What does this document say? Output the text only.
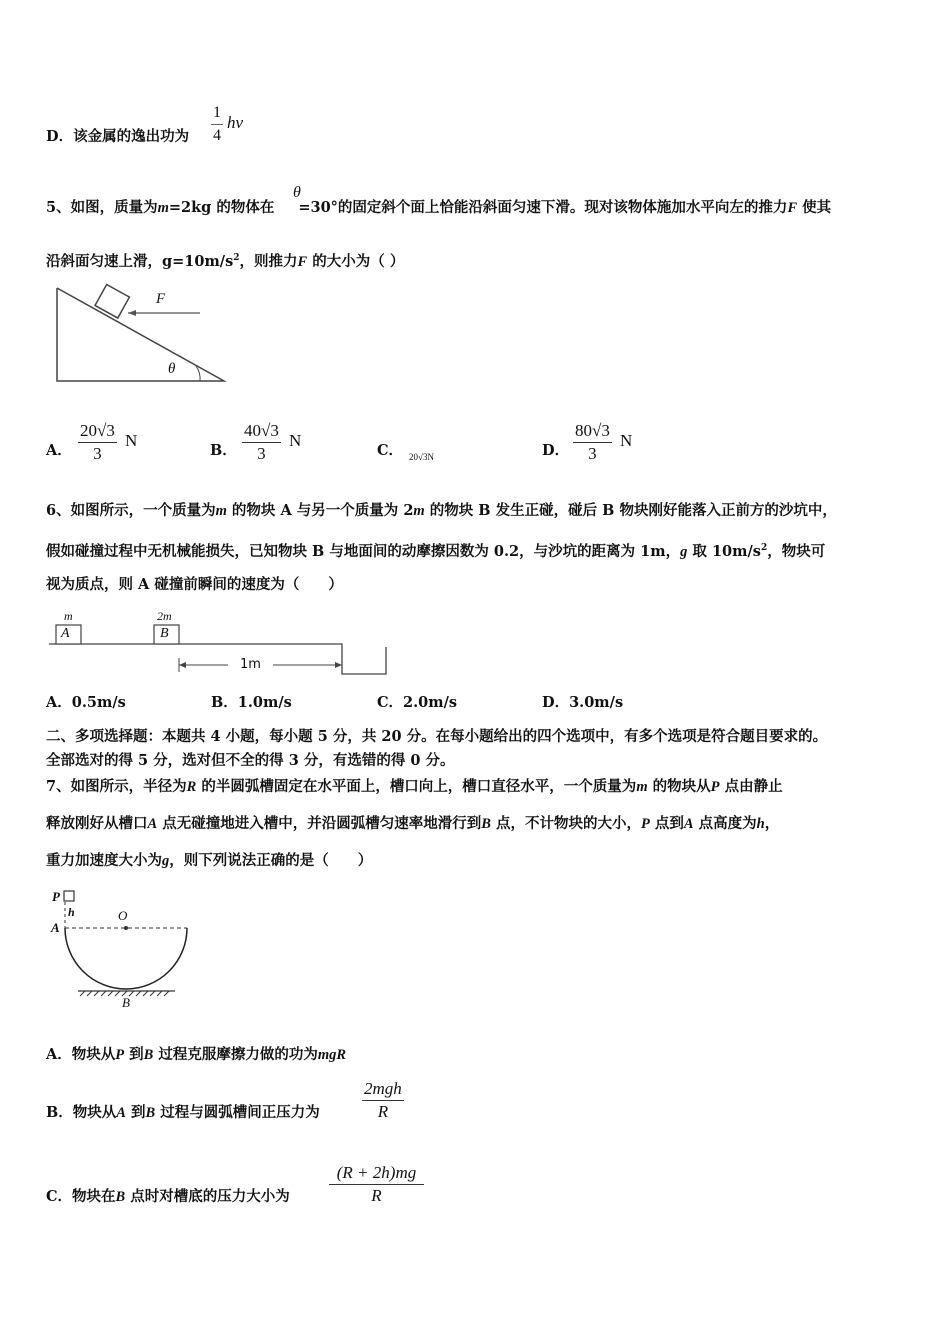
D．该金属的逸出功为 $\frac{1}{4}$ hν
5、如图，质量为m=2kg 的物体在 =30°的固定斜个面上恰能沿斜面匀速下滑。现对该物体施加水平向左的推力F 使其
θ
沿斜面匀速上滑，$g=10m/s^2$，则推力F 的大小为（ ）
F
θ
A． $\frac{20√3}{3}$ N
B． $\frac{40√3}{3}$ N
C． 20√3N	D． $\frac{80√3}{3}$ N
6、如图所示，一个质量为m 的物块 A 与另一个质量为 2m 的物块 B 发生正碰，碰后 B 物块刚好能落入正前方的沙坑中，
假如碰撞过程中无机械能损失，已知物块 B 与地面间的动摩擦因数为 0.2，与沙坑的距离为 1m，g 取 $10m/s^2$，物块可
视为质点，则 A 碰撞前瞬间的速度为（　　）
m
A
2m
B
1m
A．0.5m/s	B．1.0m/s	C．2.0m/s	D．3.0m/s
二、多项选择题：本题共 4 小题，每小题 5 分，共 20 分。在每小题给出的四个选项中，有多个选项是符合题目要求的。
全部选对的得 5 分，选对但不全的得 3 分，有选错的得 0 分。
7、如图所示，半径为R 的半圆弧槽固定在水平面上，槽口向上，槽口直径水平，一个质量为m 的物块从P 点由静止
释放刚好从槽口A 点无碰撞地进入槽中，并沿圆弧槽匀速率地滑行到B 点，不计物块的大小，P 点到A 点高度为h，
重力加速度大小为g，则下列说法正确的是（　　）
P
h	O
A
B
A．物块从P 到B 过程克服摩擦力做的功为mgR
B．物块从A 到B 过程与圆弧槽间正压力为
2mgh
R
C．物块在B 点时对槽底的压力大小为 $\frac{(R + 2h)mg}{R}$
